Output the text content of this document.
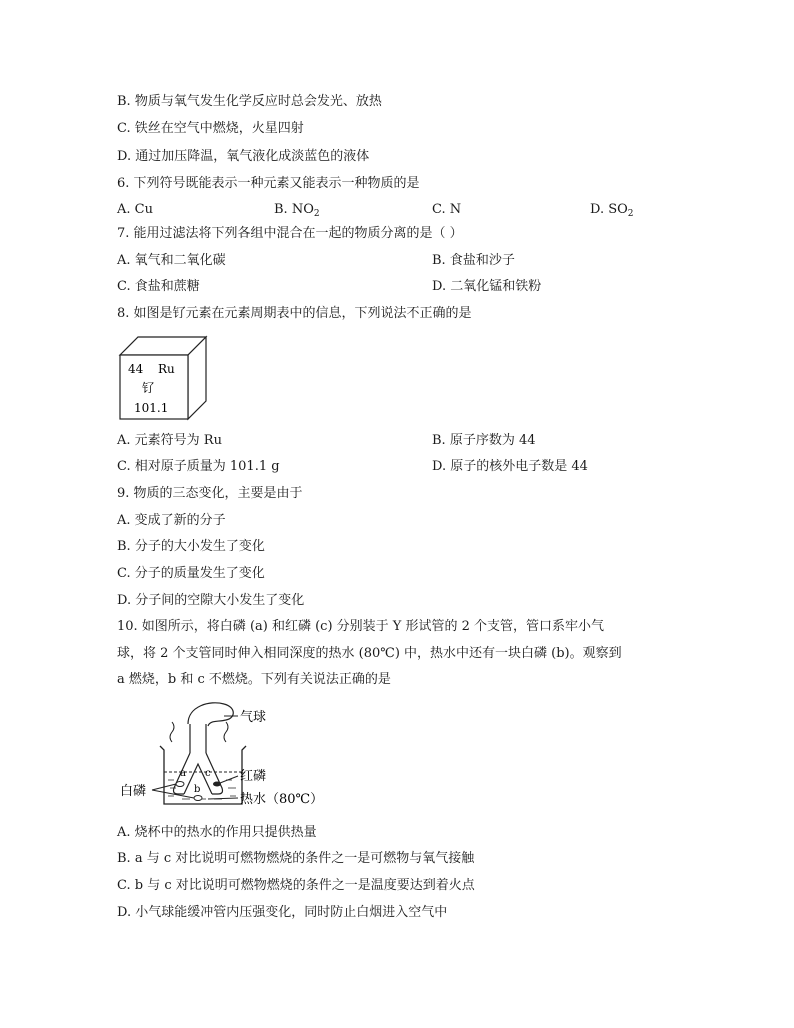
B. 物质与氧气发生化学反应时总会发光、放热
C. 铁丝在空气中燃烧，火星四射
D. 通过加压降温，氧气液化成淡蓝色的液体
6. 下列符号既能表示一种元素又能表示一种物质的是
A. Cu	B. $NO_2$	C. N	D. $SO_2$
7. 能用过滤法将下列各组中混合在一起的物质分离的是（ ）
A. 氧气和二氧化碳	B. 食盐和沙子
C. 食盐和蔗糖	D. 二氧化锰和铁粉
8. 如图是钌元素在元素周期表中的信息，下列说法不正确的是
44 Ru
钌
101.1
A. 元素符号为 Ru	B. 原子序数为 44
C. 相对原子质量为 101.1 g	D. 原子的核外电子数是 44
9. 物质的三态变化，主要是由于
A. 变成了新的分子
B. 分子的大小发生了变化
C. 分子的质量发生了变化
D. 分子间的空隙大小发生了变化
10. 如图所示，将白磷 (a) 和红磷 (c) 分别装于 Y 形试管的 2 个支管，管口系牢小气
球，将 2 个支管同时伸入相同深度的热水 (80℃) 中，热水中还有一块白磷 (b)。观察到
a 燃烧，b 和 c 不燃烧。下列有关说法正确的是
a c
b
气球
红磷
白磷
热水（80℃）
A. 烧杯中的热水的作用只提供热量
B. a 与 c 对比说明可燃物燃烧的条件之一是可燃物与氧气接触
C. b 与 c 对比说明可燃物燃烧的条件之一是温度要达到着火点
D. 小气球能缓冲管内压强变化，同时防止白烟进入空气中
